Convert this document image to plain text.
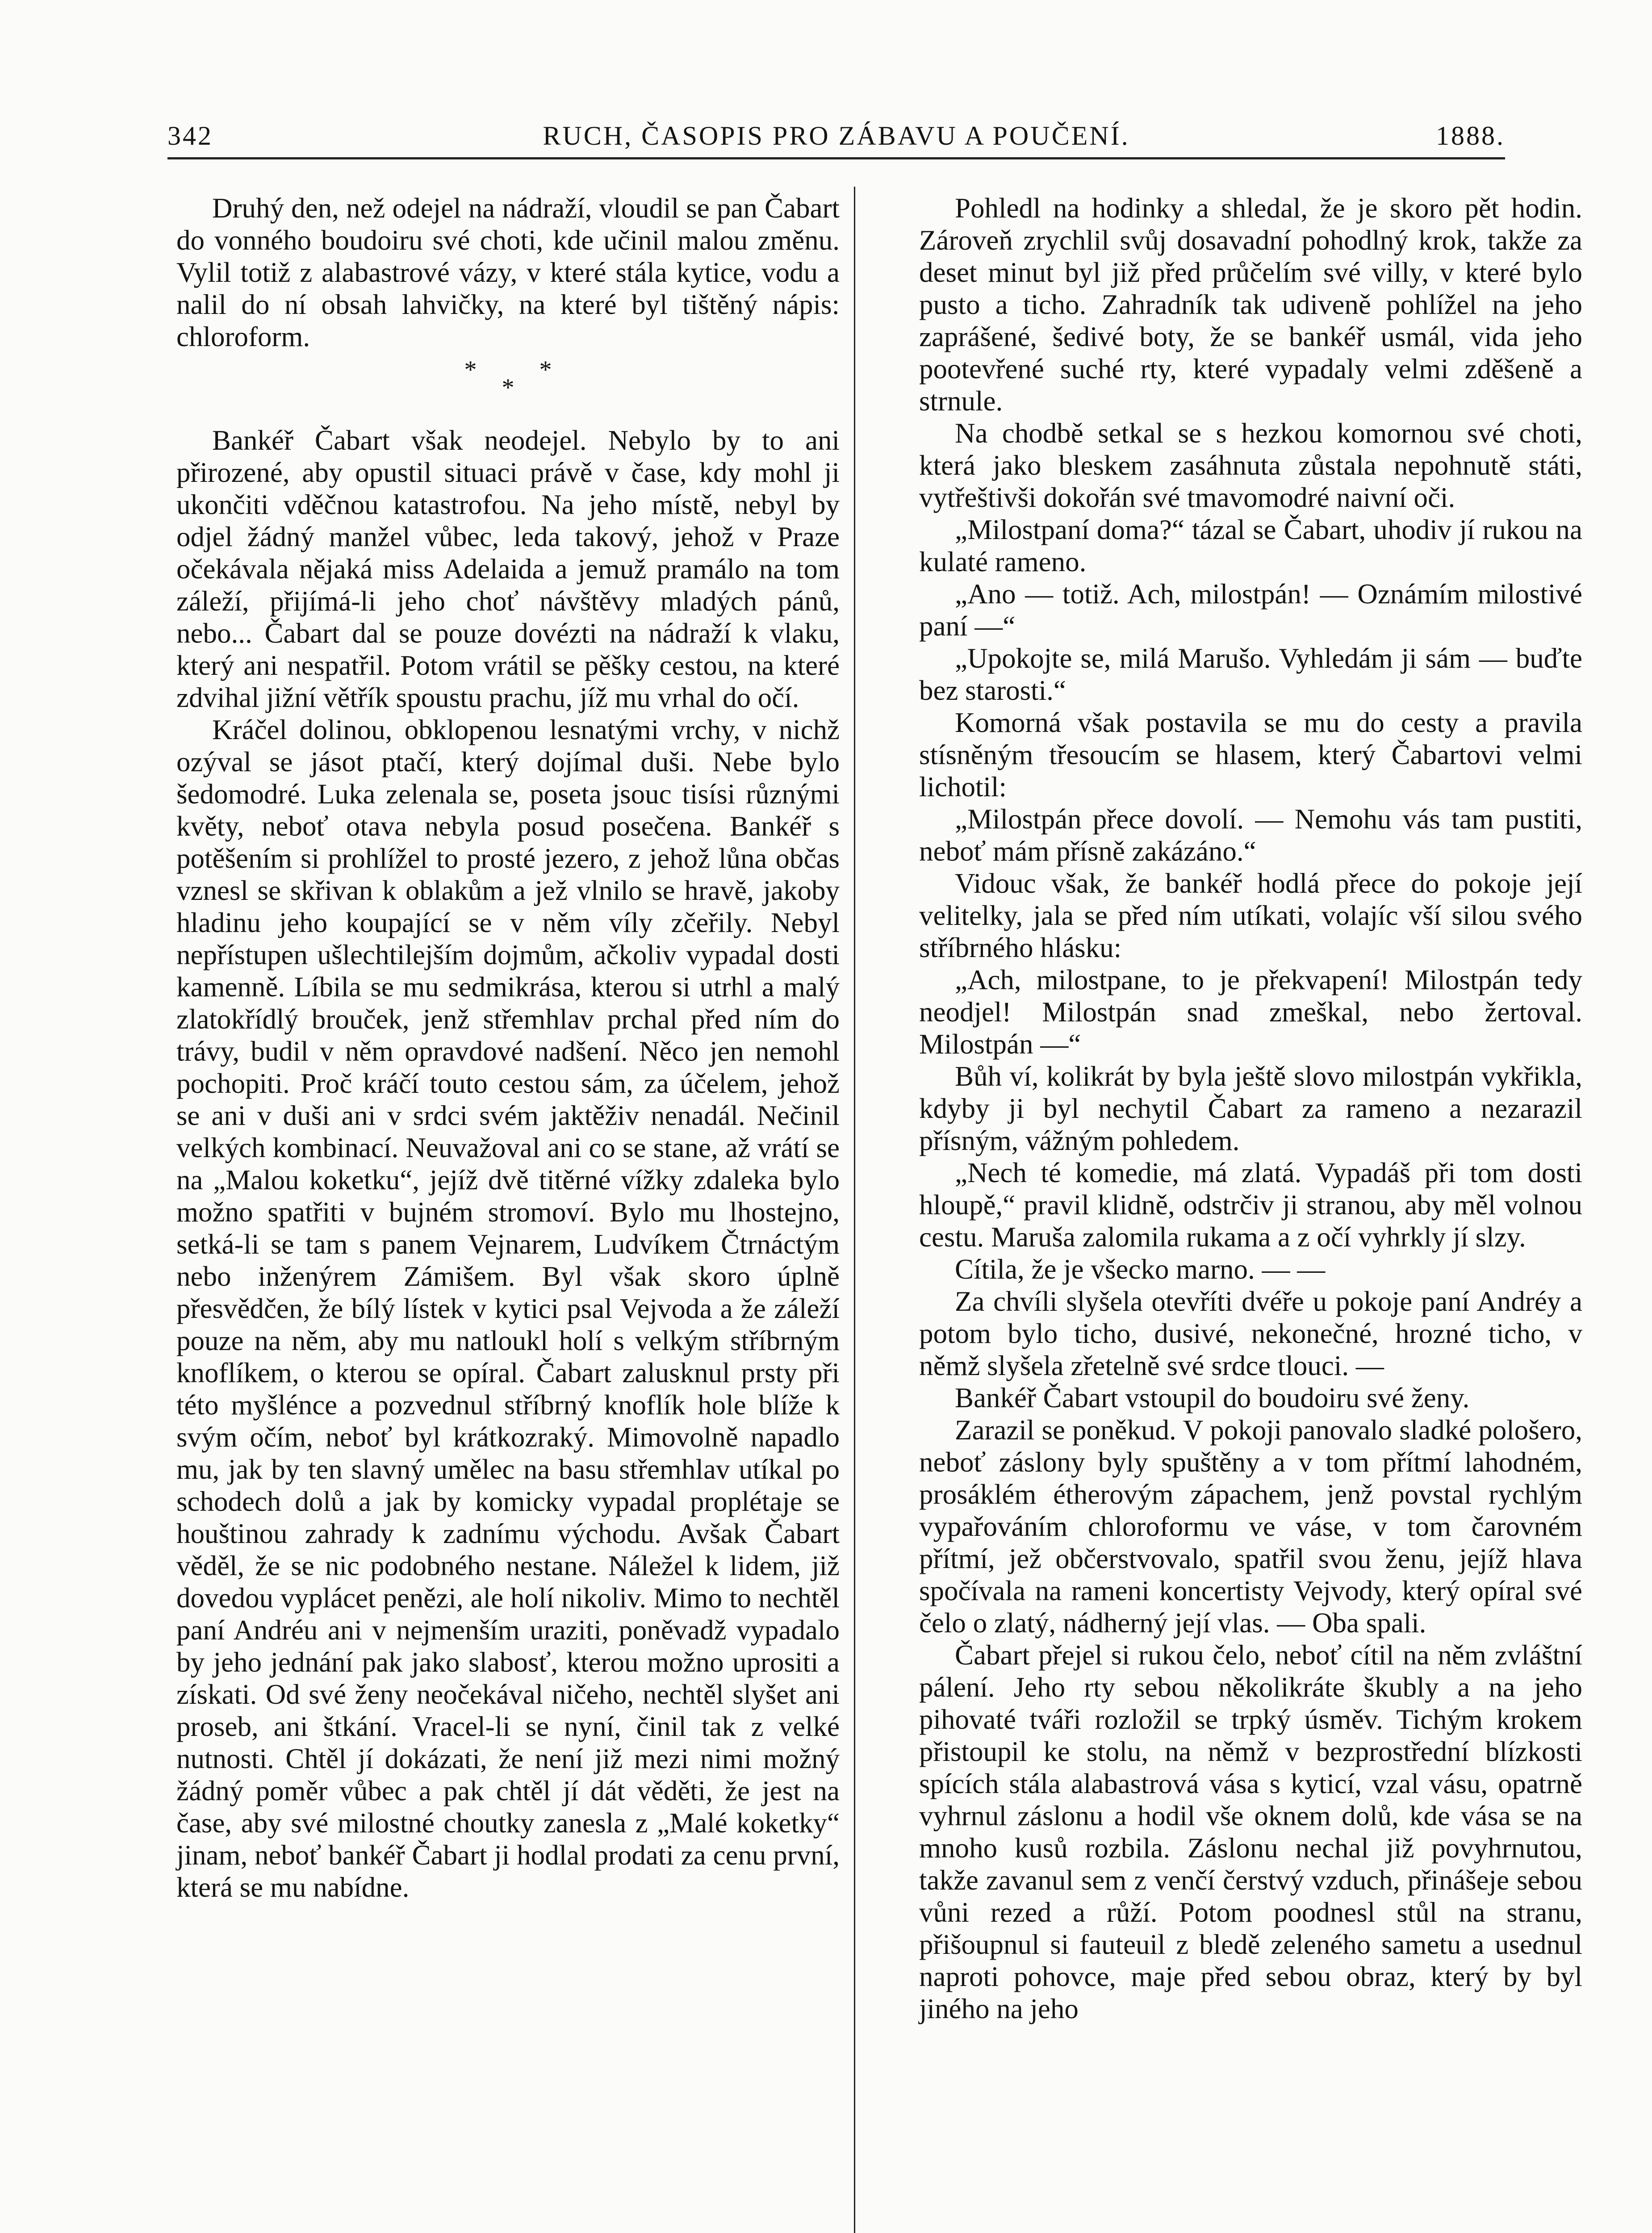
342	RUCH, ČASOPIS PRO ZÁBAVU A POUČENÍ.	1888.

Druhý den, než odejel na nádraží, vloudil se pan Čabart do vonného boudoiru své choti, kde učinil malou změnu. Vylil totiž z alabastrové vázy, v které stála kytice, vodu a nalil do ní obsah lahvičky, na které byl tištěný nápis: chloroform.

***

Bankéř Čabart však neodejel. Nebylo by to ani přirozené, aby opustil situaci právě v čase, kdy mohl ji ukončiti vděčnou katastrofou. Na jeho místě, nebyl by odjel žádný manžel vůbec, leda takový, jehož v Praze očekávala nějaká miss Adelaida a jemuž pramálo na tom záleží, přijímá-li jeho choť návštěvy mladých pánů, nebo... Čabart dal se pouze dovézti na nádraží k vlaku, který ani nespatřil. Potom vrátil se pěšky cestou, na které zdvihal jižní větřík spoustu prachu, jíž mu vrhal do očí.

Kráčel dolinou, obklopenou lesnatými vrchy, v nichž ozýval se jásot ptačí, který dojímal duši. Nebe bylo šedomodré. Luka zelenala se, poseta jsouc tisísi různými květy, neboť otava nebyla posud posečena. Bankéř s potěšením si prohlížel to prosté jezero, z jehož lůna občas vznesl se skřivan k oblakům a jež vlnilo se hravě, jakoby hladinu jeho koupající se v něm víly zčeřily. Nebyl nepřístupen ušlechtilejším dojmům, ačkoliv vypadal dosti kamenně. Líbila se mu sedmikrása, kterou si utrhl a malý zlatokřídlý brouček, jenž střemhlav prchal před ním do trávy, budil v něm opravdové nadšení. Něco jen nemohl pochopiti. Proč kráčí touto cestou sám, za účelem, jehož se ani v duši ani v srdci svém jaktěživ nenadál. Nečinil velkých kombinací. Neuvažoval ani co se stane, až vrátí se na „Malou koketku“, jejíž dvě titěrné vížky zdaleka bylo možno spatřiti v bujném stromoví. Bylo mu lhostejno, setká-li se tam s panem Vejnarem, Ludvíkem Čtrnáctým nebo inženýrem Zámišem. Byl však skoro úplně přesvědčen, že bílý lístek v kytici psal Vejvoda a že záleží pouze na něm, aby mu natloukl holí s velkým stříbrným knoflíkem, o kterou se opíral. Čabart zalusknul prsty při této myšlénce a pozvednul stříbrný knoflík hole blíže k svým očím, neboť byl krátkozraký. Mimovolně napadlo mu, jak by ten slavný umělec na basu střemhlav utíkal po schodech dolů a jak by komicky vypadal proplétaje se houštinou zahrady k zadnímu východu. Avšak Čabart věděl, že se nic podobného nestane. Náležel k lidem, již dovedou vyplácet penězi, ale holí nikoliv. Mimo to nechtěl paní Andréu ani v nejmenším uraziti, poněvadž vypadalo by jeho jednání pak jako slabosť, kterou možno uprositi a získati. Od své ženy neočekával ničeho, nechtěl slyšet ani proseb, ani štkání. Vracel-li se nyní, činil tak z velké nutnosti. Chtěl jí dokázati, že není již mezi nimi možný žádný poměr vůbec a pak chtěl jí dát věděti, že jest na čase, aby své milostné choutky zanesla z „Malé koketky“ jinam, neboť bankéř Čabart ji hodlal prodati za cenu první, která se mu nabídne.

Pohledl na hodinky a shledal, že je skoro pět hodin. Zároveň zrychlil svůj dosavadní pohodlný krok, takže za deset minut byl již před průčelím své villy, v které bylo pusto a ticho. Zahradník tak udiveně pohlížel na jeho zaprášené, šedivé boty, že se bankéř usmál, vida jeho pootevřené suché rty, které vypadaly velmi zděšeně a strnule.

Na chodbě setkal se s hezkou komornou své choti, která jako bleskem zasáhnuta zůstala nepohnutě státi, vytřeštivši dokořán své tmavomodré naivní oči.

„Milostpaní doma?“ tázal se Čabart, uhodiv jí rukou na kulaté rameno.

„Ano — totiž. Ach, milostpán! — Oznámím milostivé paní —“

„Upokojte se, milá Marušo. Vyhledám ji sám — buďte bez starosti.“

Komorná však postavila se mu do cesty a pravila stísněným třesoucím se hlasem, který Čabartovi velmi lichotil:

„Milostpán přece dovolí. — Nemohu vás tam pustiti, neboť mám přísně zakázáno.“

Vidouc však, že bankéř hodlá přece do pokoje její velitelky, jala se před ním utíkati, volajíc vší silou svého stříbrného hlásku:

„Ach, milostpane, to je překvapení! Milostpán tedy neodjel! Milostpán snad zmeškal, nebo žertoval. Milostpán —“

Bůh ví, kolikrát by byla ještě slovo milostpán vykřikla, kdyby ji byl nechytil Čabart za rameno a nezarazil přísným, vážným pohledem.

„Nech té komedie, má zlatá. Vypadáš při tom dosti hloupě,“ pravil klidně, odstrčiv ji stranou, aby měl volnou cestu. Maruša zalomila rukama a z očí vyhrkly jí slzy.

Cítila, že je všecko marno. — —

Za chvíli slyšela otevříti dvéře u pokoje paní Andréy a potom bylo ticho, dusivé, nekonečné, hrozné ticho, v němž slyšela zřetelně své srdce tlouci. —

Bankéř Čabart vstoupil do boudoiru své ženy.

Zarazil se poněkud. V pokoji panovalo sladké pološero, neboť záslony byly spuštěny a v tom přítmí lahodném, prosáklém étherovým zápachem, jenž povstal rychlým vypařováním chloroformu ve váse, v tom čarovném přítmí, jež občerstvovalo, spatřil svou ženu, jejíž hlava spočívala na rameni koncertisty Vejvody, který opíral své čelo o zlatý, nádherný její vlas. — Oba spali.

Čabart přejel si rukou čelo, neboť cítil na něm zvláštní pálení. Jeho rty sebou několikráte škubly a na jeho pihovaté tváři rozložil se trpký úsměv. Tichým krokem přistoupil ke stolu, na němž v bezprostřední blízkosti spících stála alabastrová vása s kyticí, vzal vásu, opatrně vyhrnul záslonu a hodil vše oknem dolů, kde vása se na mnoho kusů rozbila. Záslonu nechal již povyhrnutou, takže zavanul sem z venčí čerstvý vzduch, přinášeje sebou vůni rezed a růží. Potom poodnesl stůl na stranu, přišoupnul si fauteuil z bledě zeleného sametu a usednul naproti pohovce, maje před sebou obraz, který by byl jiného na jeho
